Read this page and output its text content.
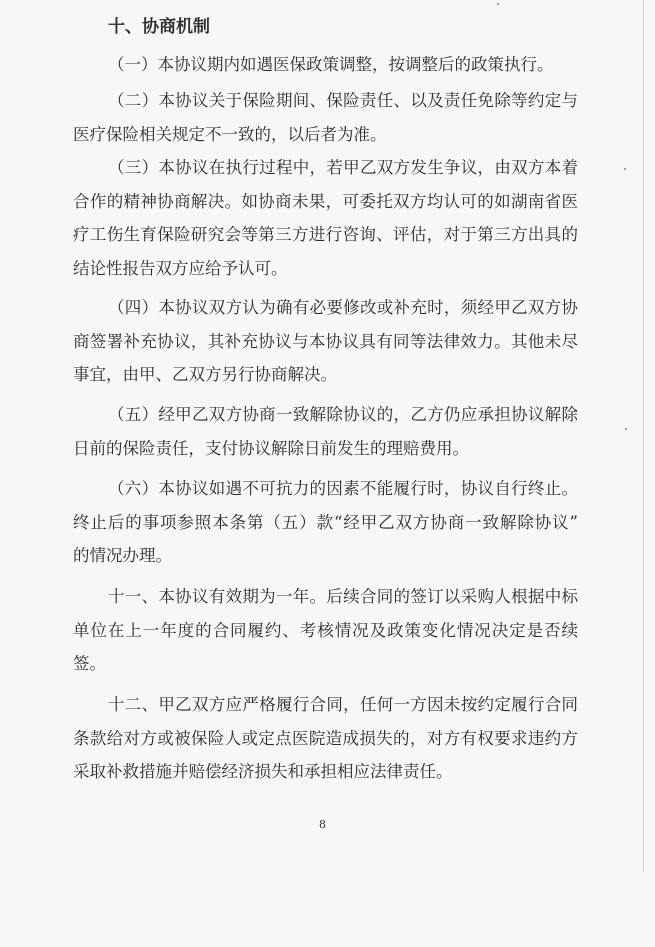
十、协商机制
（一）本协议期内如遇医保政策调整，按调整后的政策执行。
（二）本协议关于保险期间、保险责任、以及责任免除等约定与
医疗保险相关规定不一致的，以后者为准。
（三）本协议在执行过程中，若甲乙双方发生争议，由双方本着
合作的精神协商解决。如协商未果，可委托双方均认可的如湖南省医
疗工伤生育保险研究会等第三方进行咨询、评估，对于第三方出具的
结论性报告双方应给予认可。
（四）本协议双方认为确有必要修改或补充时，须经甲乙双方协
商签署补充协议，其补充协议与本协议具有同等法律效力。其他未尽
事宜，由甲、乙双方另行协商解决。
（五）经甲乙双方协商一致解除协议的，乙方仍应承担协议解除
日前的保险责任，支付协议解除日前发生的理赔费用。
（六）本协议如遇不可抗力的因素不能履行时，协议自行终止。
终止后的事项参照本条第（五）款“经甲乙双方协商一致解除协议”
的情况办理。
十一、本协议有效期为一年。后续合同的签订以采购人根据中标
单位在上一年度的合同履约、考核情况及政策变化情况决定是否续
签。
十二、甲乙双方应严格履行合同，任何一方因未按约定履行合同
条款给对方或被保险人或定点医院造成损失的，对方有权要求违约方
采取补救措施并赔偿经济损失和承担相应法律责任。
8
